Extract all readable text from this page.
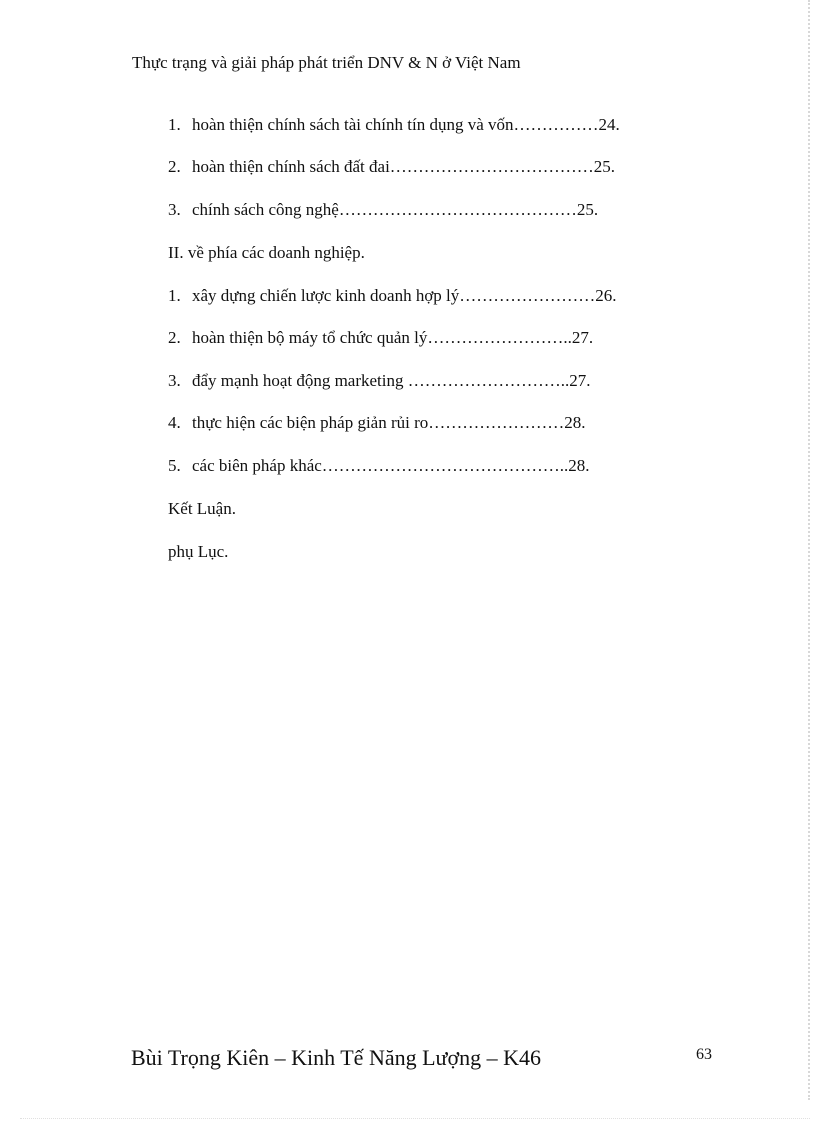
Thực trạng và giải pháp phát triển DNV & N ở Việt Nam
1. hoàn thiện chính sách tài chính tín dụng và vốn……………24.
2. hoàn thiện chính sách đất đai………………………………25.
3. chính sách công nghệ……………………………………25.
II. về phía các doanh nghiệp.
1. xây dựng chiến lược kinh doanh hợp lý……………………26.
2. hoàn thiện bộ máy tổ chức quản lý……………………..27.
3. đẩy mạnh hoạt động marketing ………………………..27.
4. thực hiện các biện pháp giản rủi ro……………………28.
5. các biên pháp khác……………………………………..28.
Kết Luận.
phụ Lục.
Bùi Trọng Kiên – Kinh Tế Năng Lượng – K46	63
